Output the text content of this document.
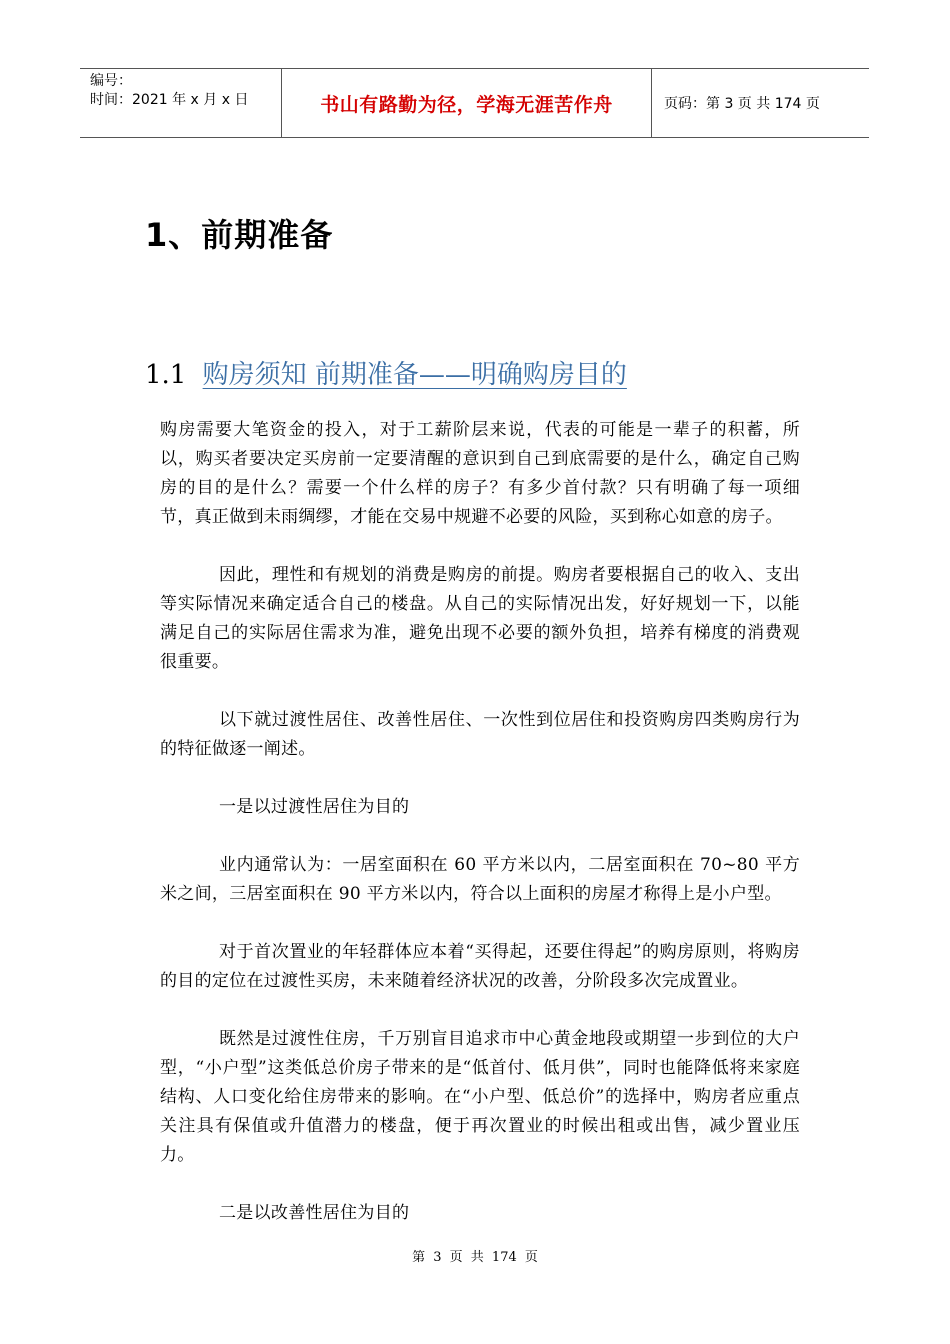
编号：
时间：2021 年 x 月 x 日	书山有路勤为径，学海无涯苦作舟	页码：第 3 页 共 174 页
1、前期准备
1.1 购房须知 前期准备——明确购房目的

购房需要大笔资金的投入，对于工薪阶层来说，代表的可能是一辈子的积蓄，所以，购买者要决定买房前一定要清醒的意识到自己到底需要的是什么，确定自己购房的目的是什么？需要一个什么样的房子？有多少首付款？只有明确了每一项细节，真正做到未雨绸缪，才能在交易中规避不必要的风险，买到称心如意的房子。

因此，理性和有规划的消费是购房的前提。购房者要根据自己的收入、支出等实际情况来确定适合自己的楼盘。从自己的实际情况出发，好好规划一下，以能满足自己的实际居住需求为准，避免出现不必要的额外负担，培养有梯度的消费观很重要。

以下就过渡性居住、改善性居住、一次性到位居住和投资购房四类购房行为的特征做逐一阐述。

一是以过渡性居住为目的

业内通常认为：一居室面积在 60 平方米以内，二居室面积在 70~80 平方米之间，三居室面积在 90 平方米以内，符合以上面积的房屋才称得上是小户型。

对于首次置业的年轻群体应本着“买得起，还要住得起”的购房原则，将购房的目的定位在过渡性买房，未来随着经济状况的改善，分阶段多次完成置业。

既然是过渡性住房，千万别盲目追求市中心黄金地段或期望一步到位的大户型，“小户型”这类低总价房子带来的是“低首付、低月供”，同时也能降低将来家庭结构、人口变化给住房带来的影响。在“小户型、低总价”的选择中，购房者应重点关注具有保值或升值潜力的楼盘，便于再次置业的时候出租或出售，减少置业压力。

二是以改善性居住为目的

第 3 页 共 174 页
